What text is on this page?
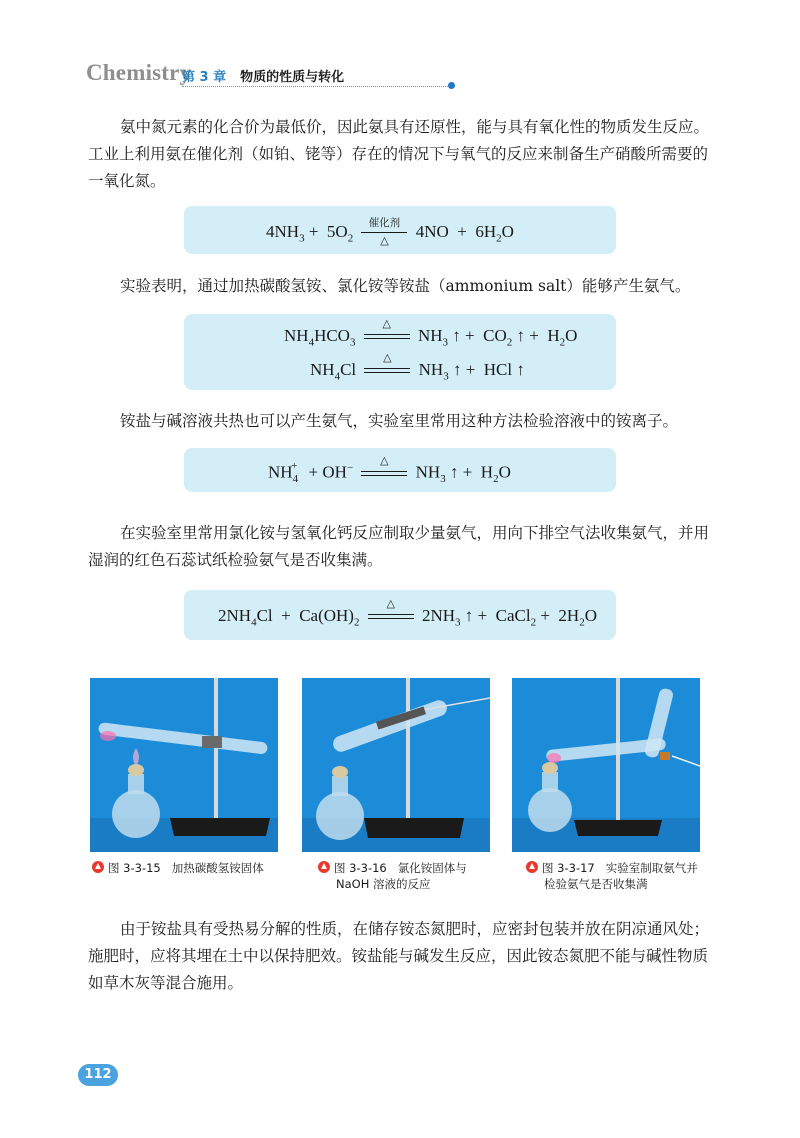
Chemistry
第 3 章 物质的性质与转化

氨中氮元素的化合价为最低价，因此氨具有还原性，能与具有氧化性的物质发生反应。工业上利用氨在催化剂（如铂、铑等）存在的情况下与氧气的反应来制备生产硝酸所需要的一氧化氮。

$4NH_3 + 5O_2$
催化剂
△
$4NO + 6H_2O$

实验表明，通过加热碳酸氢铵、氯化铵等铵盐（ammonium salt）能够产生氨气。

$NH_4HCO_3$
△
$NH_3$ ↑ +  $CO_2$ ↑ +  $H_2O$
$NH_4Cl$
△
$NH_3$ ↑ +  HCl ↑

铵盐与碱溶液共热也可以产生氨气，实验室里常用这种方法检验溶液中的铵离子。

$NH_4^+ + OH^-$
△
$NH_3$ ↑ +  $H_2O$

在实验室里常用氯化铵与氢氧化钙反应制取少量氨气，用向下排空气法收集氨气，并用湿润的红色石蕊试纸检验氨气是否收集满。

$2NH_4Cl + Ca(OH)_2$
△
$2NH_3$ ↑ +  CaCl$_2$ +  $2H_2O$
图 3-3-15 加热碳酸氢铵固体	图 3-3-16 氯化铵固体与
NaOH 溶液的反应
图 3-3-17 实验室制取氨气并
检验氨气是否收集满

由于铵盐具有受热易分解的性质，在储存铵态氮肥时，应密封包装并放在阴凉通风处；施肥时，应将其埋在土中以保持肥效。铵盐能与碱发生反应，因此铵态氮肥不能与碱性物质如草木灰等混合施用。

112
